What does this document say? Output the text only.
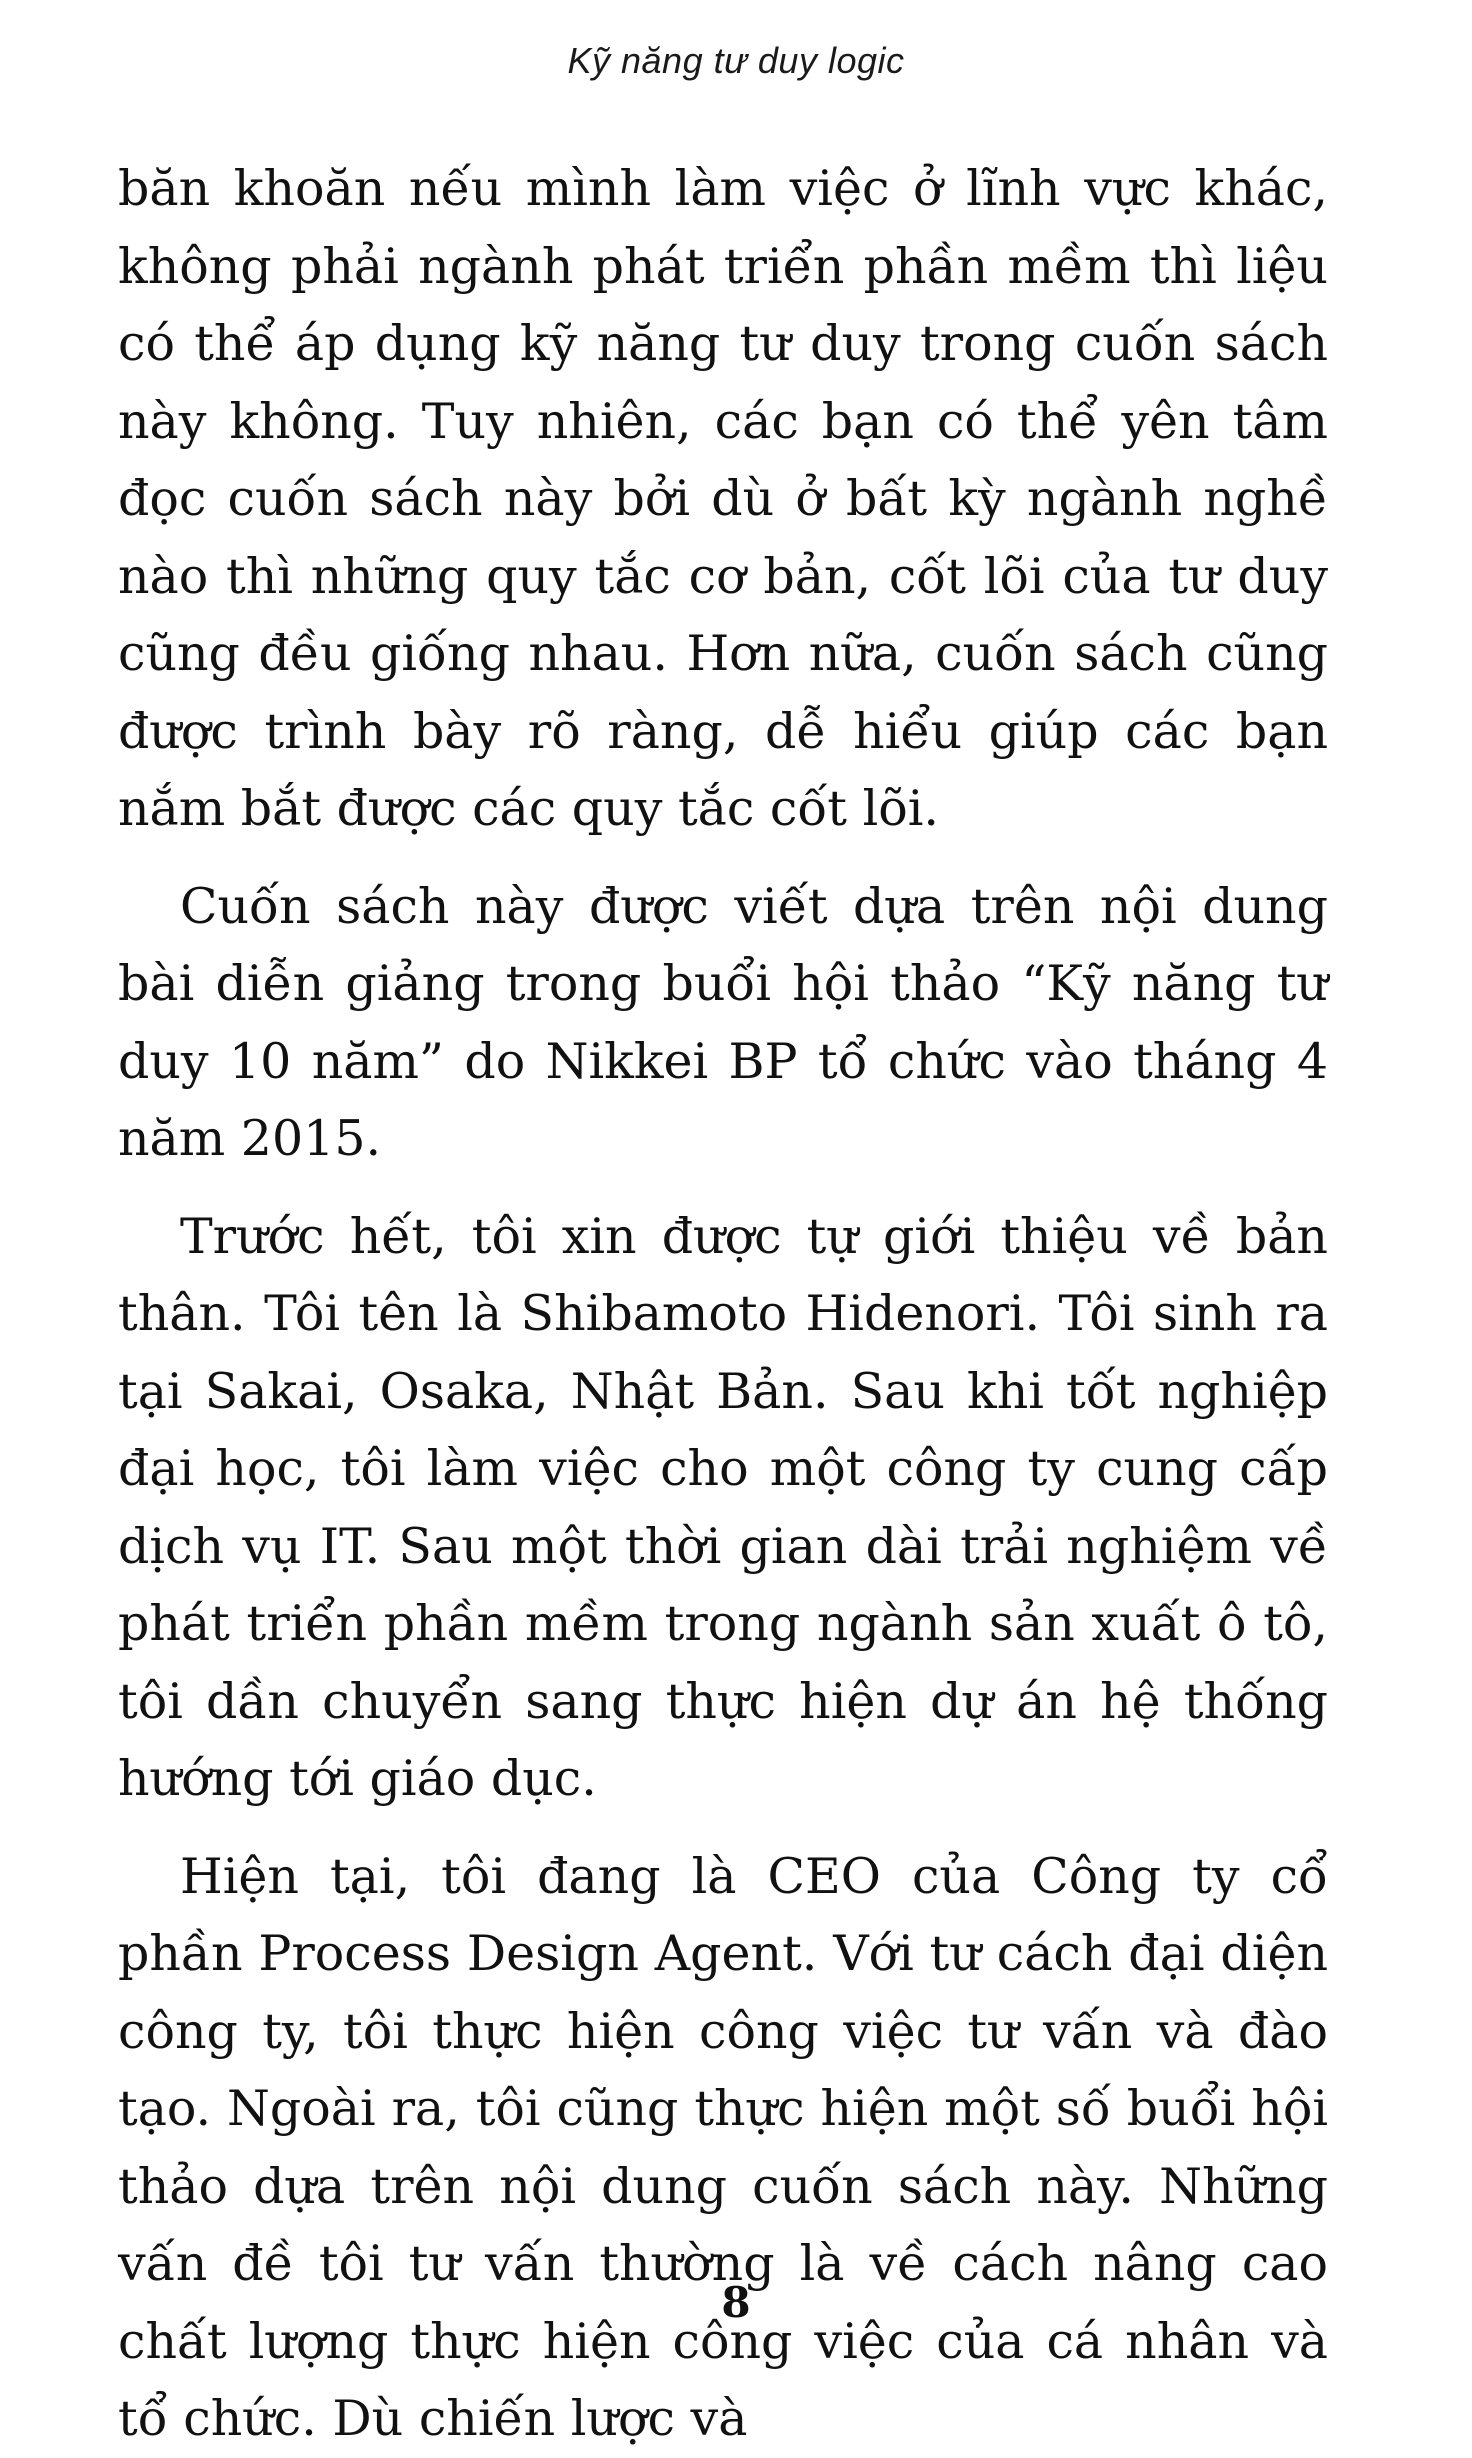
Kỹ năng tư duy logic

băn khoăn nếu mình làm việc ở lĩnh vực khác, không phải ngành phát triển phần mềm thì liệu có thể áp dụng kỹ năng tư duy trong cuốn sách này không. Tuy nhiên, các bạn có thể yên tâm đọc cuốn sách này bởi dù ở bất kỳ ngành nghề nào thì những quy tắc cơ bản, cốt lõi của tư duy cũng đều giống nhau. Hơn nữa, cuốn sách cũng được trình bày rõ ràng, dễ hiểu giúp các bạn nắm bắt được các quy tắc cốt lõi.

Cuốn sách này được viết dựa trên nội dung bài diễn giảng trong buổi hội thảo “Kỹ năng tư duy 10 năm” do Nikkei BP tổ chức vào tháng 4 năm 2015.

Trước hết, tôi xin được tự giới thiệu về bản thân. Tôi tên là Shibamoto Hidenori. Tôi sinh ra tại Sakai, Osaka, Nhật Bản. Sau khi tốt nghiệp đại học, tôi làm việc cho một công ty cung cấp dịch vụ IT. Sau một thời gian dài trải nghiệm về phát triển phần mềm trong ngành sản xuất ô tô, tôi dần chuyển sang thực hiện dự án hệ thống hướng tới giáo dục.

Hiện tại, tôi đang là CEO của Công ty cổ phần Process Design Agent. Với tư cách đại diện công ty, tôi thực hiện công việc tư vấn và đào tạo. Ngoài ra, tôi cũng thực hiện một số buổi hội thảo dựa trên nội dung cuốn sách này. Những vấn đề tôi tư vấn thường là về cách nâng cao chất lượng thực hiện công việc của cá nhân và tổ chức. Dù chiến lược và

8
